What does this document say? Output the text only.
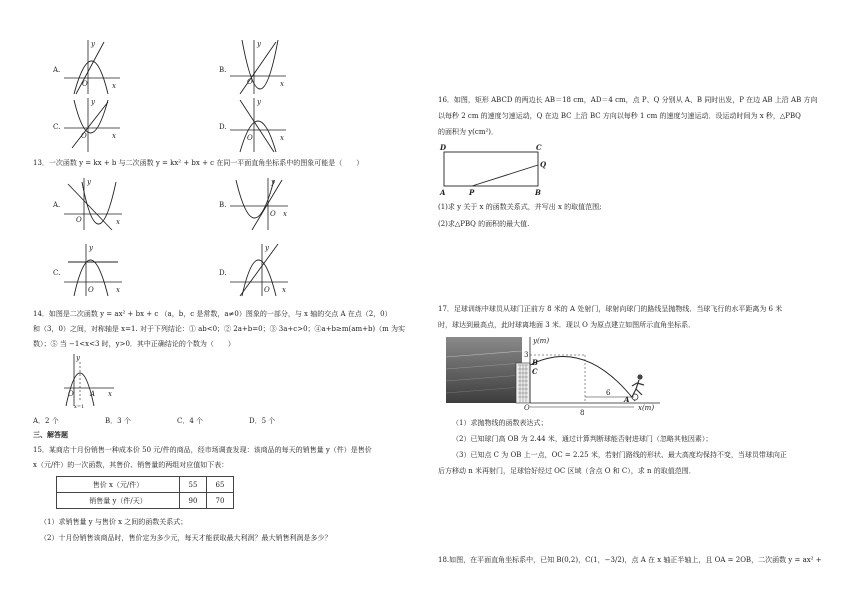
A.
y
x
O
B.
y
x
O
C.
y
x
O
D.
y
x
O
13．一次函数 y = kx + b 与二次函数 y = kx² + bx + c 在同一平面直角坐标系中的图象可能是（　　）
A.
y
x
O
B.
y
x
O
C.
y
x
O
D.
y
x
O
14．如图是二次函数 y = ax² + bx + c （a，b，c 是常数，a≠0）图象的一部分，与 x 轴的交点 A 在点（2，0）
和（3，0）之间，对称轴是 x=1. 对于下列结论：① ab<0；② 2a+b=0；③ 3a+c>0；④a+b≥m(am+b)（m 为实
数）；⑤ 当 −1<x<3 时，y>0．其中正确结论的个数为（　　）
y
x
O A
x=1
A．2 个	B．3 个	C．4 个	D．5 个
三、解答题
15．某商店十月份销售一种成本价 50 元/件的商品，经市场调查发现：该商品的每天的销售量 y（件）是售价
x（元/件）的一次函数，其售价、销售量的两组对应值如下表：
售价 x（元/件）	55	65
销售量 y（件/天）	90	70
（1）求销售量 y 与售价 x 之间的函数关系式；
（2）十月份销售该商品时，售价定为多少元，每天才能获取最大利润？最大销售利润是多少？
16．如图，矩形 ABCD 的两边长 AB＝18 cm，AD＝4 cm，点 P、Q 分别从 A、B 同时出发，P 在边 AB 上沿 AB 方向
以每秒 2 cm 的速度匀速运动，Q 在边 BC 上沿 BC 方向以每秒 1 cm 的速度匀速运动．设运动时间为 x 秒，△PBQ
的面积为 y(cm²)．
D	C
Q
A	P	B
(1)求 y 关于 x 的函数关系式，并写出 x 的取值范围;
(2)求△PBQ 的面积的最大值.
17．足球训练中球员从球门正前方 8 米的 A 处射门，球射向球门的路线呈抛物线．当球飞行的水平距离为 6 米
时，球达到最高点，此时球离地面 3 米．现以 O 为原点建立如图所示直角坐标系．
y(m)
x(m)
3
B
C
O
A
6
8
（1）求抛物线的函数表达式；
（2）已知球门高 OB 为 2.44 米，通过计算判断球能否射进球门（忽略其他因素）；
（3）已知点 C 为 OB 上一点，OC = 2.25 米，若射门路线的形状、最大高度均保持不变，当球员带球向正
后方移动 n 米再射门，足球恰好经过 OC 区域（含点 O 和 C），求 n 的取值范围．
18.如图，在平面直角坐标系中，已知 B(0,2)，C(1，−3/2)，点 A 在 x 轴正半轴上，且 OA = 2OB，二次函数 y = ax² +
